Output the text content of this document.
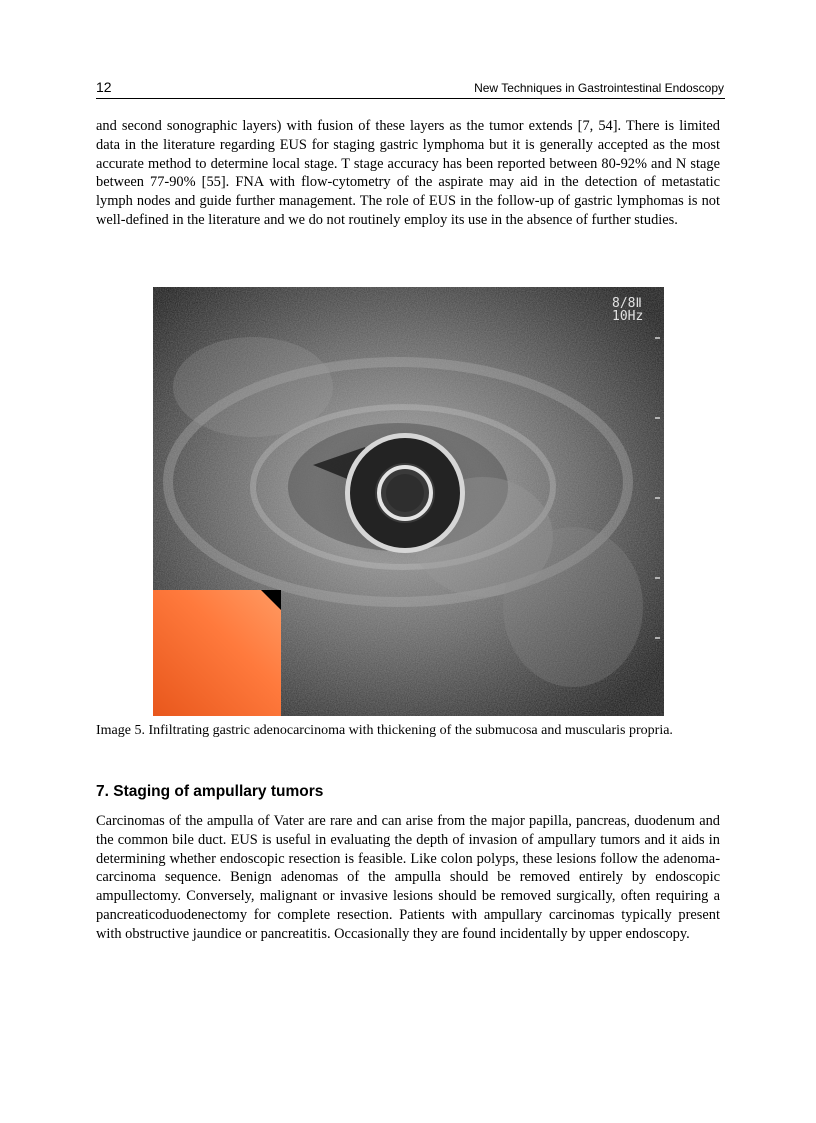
12	New Techniques in Gastrointestinal Endoscopy

and second sonographic layers) with fusion of these layers as the tumor extends [7, 54]. There is limited data in the literature regarding EUS for staging gastric lymphoma but it is generally accepted as the most accurate method to determine local stage. T stage accuracy has been reported between 80-92% and N stage between 77-90% [55]. FNA with flow-cytometry of the aspirate may aid in the detection of metastatic lymph nodes and guide further management. The role of EUS in the follow-up of gastric lymphomas is not well-defined in the literature and we do not routinely employ its use in the absence of further studies.

8/8Ⅱ
10Hz

Image 5. Infiltrating gastric adenocarcinoma with thickening of the submucosa and muscularis propria.

7. Staging of ampullary tumors

Carcinomas of the ampulla of Vater are rare and can arise from the major papilla, pancreas, duodenum and the common bile duct. EUS is useful in evaluating the depth of invasion of ampullary tumors and it aids in determining whether endoscopic resection is feasible. Like colon polyps, these lesions follow the adenoma-carcinoma sequence. Benign adenomas of the ampulla should be removed entirely by endoscopic ampullectomy. Conversely, malignant or invasive lesions should be removed surgically, often requiring a pancreaticoduodenectomy for complete resection. Patients with ampullary carcinomas typically present with obstructive jaundice or pancreatitis. Occasionally they are found incidentally by upper endoscopy.
